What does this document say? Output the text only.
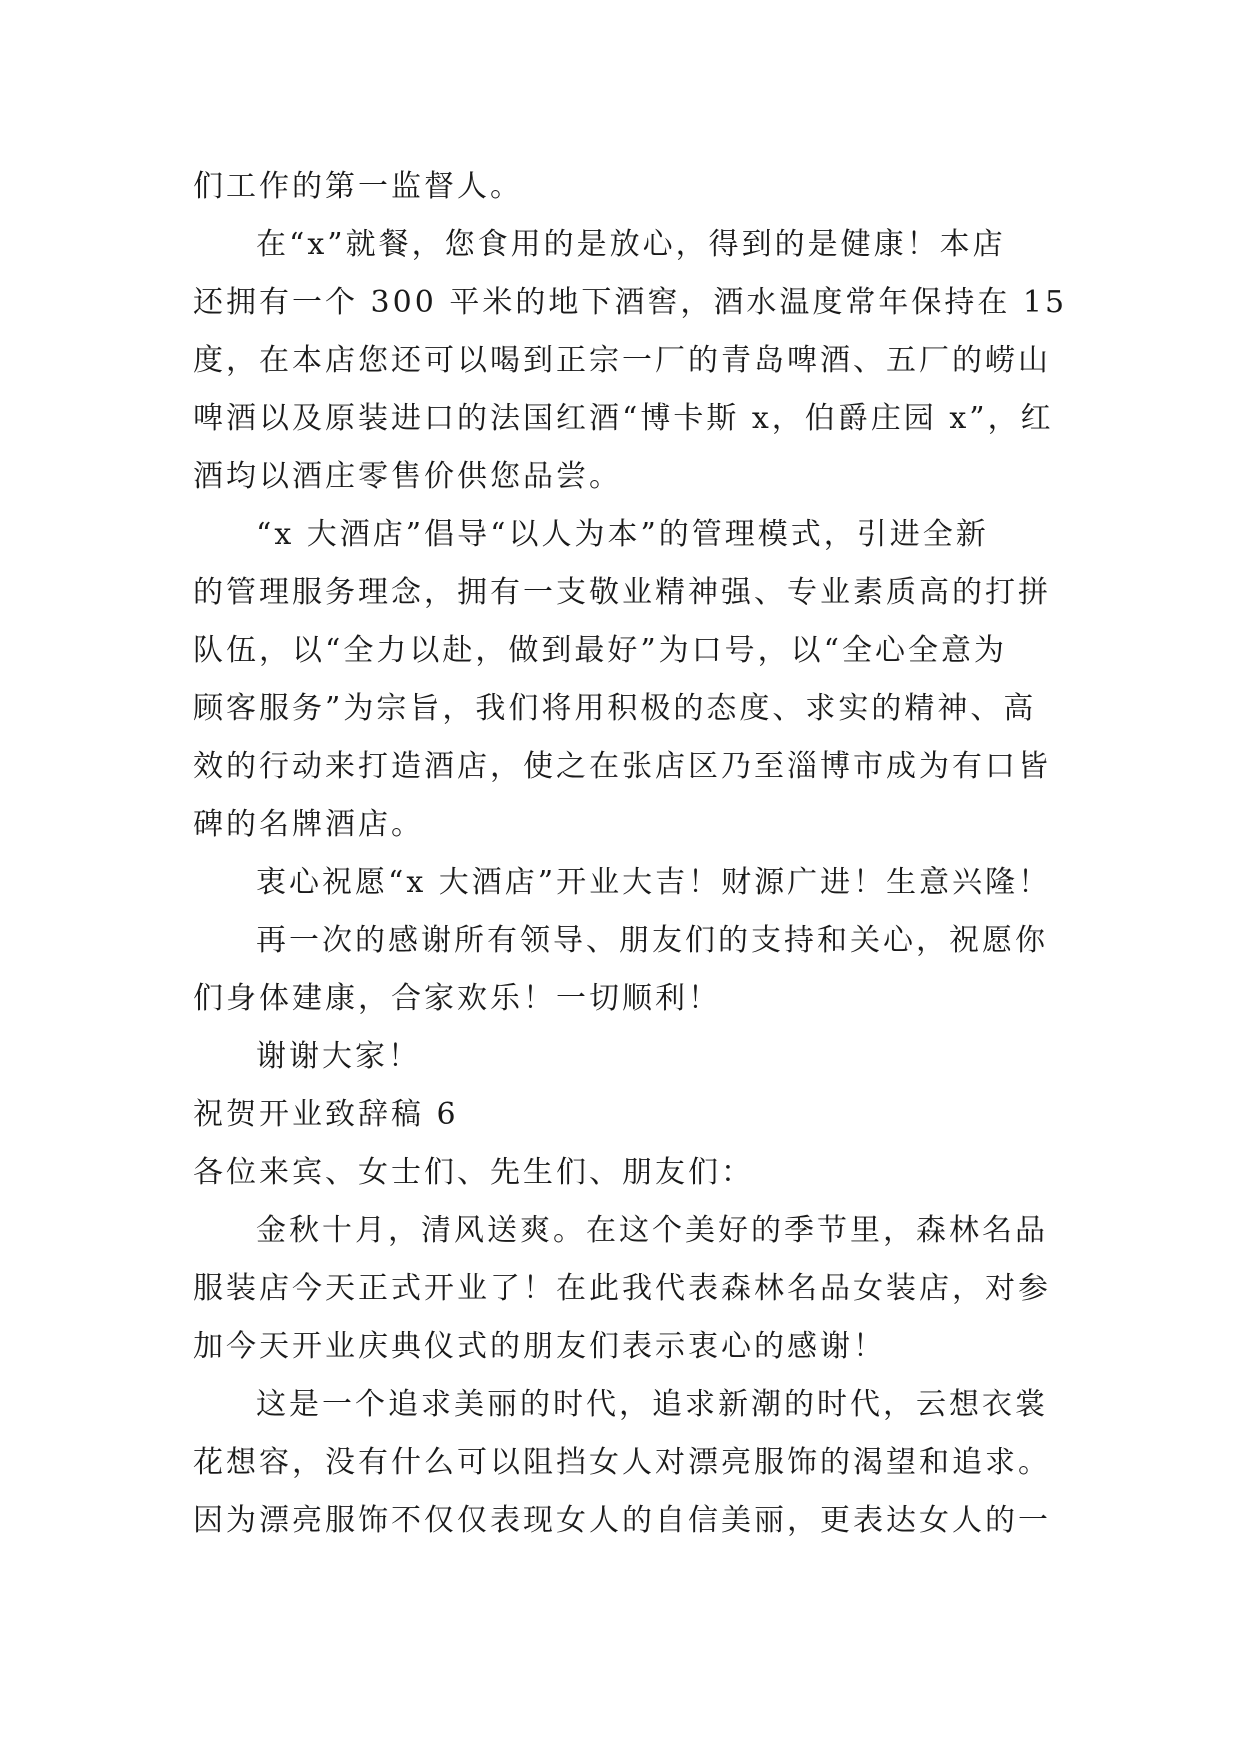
们工作的第一监督人。
在“x”就餐，您食用的是放心，得到的是健康！本店
还拥有一个 300 平米的地下酒窖，酒水温度常年保持在 15
度，在本店您还可以喝到正宗一厂的青岛啤酒、五厂的崂山
啤酒以及原装进口的法国红酒“博卡斯 x，伯爵庄园 x”，红
酒均以酒庄零售价供您品尝。
“x 大酒店”倡导“以人为本”的管理模式，引进全新
的管理服务理念，拥有一支敬业精神强、专业素质高的打拼
队伍，以“全力以赴，做到最好”为口号，以“全心全意为
顾客服务”为宗旨，我们将用积极的态度、求实的精神、高
效的行动来打造酒店，使之在张店区乃至淄博市成为有口皆
碑的名牌酒店。
衷心祝愿“x 大酒店”开业大吉！财源广进！生意兴隆！
再一次的感谢所有领导、朋友们的支持和关心，祝愿你
们身体建康，合家欢乐！一切顺利！
谢谢大家！
祝贺开业致辞稿 6
各位来宾、女士们、先生们、朋友们：
金秋十月，清风送爽。在这个美好的季节里，森林名品
服装店今天正式开业了！在此我代表森林名品女装店，对参
加今天开业庆典仪式的朋友们表示衷心的感谢！
这是一个追求美丽的时代，追求新潮的时代，云想衣裳
花想容，没有什么可以阻挡女人对漂亮服饰的渴望和追求。
因为漂亮服饰不仅仅表现女人的自信美丽，更表达女人的一
